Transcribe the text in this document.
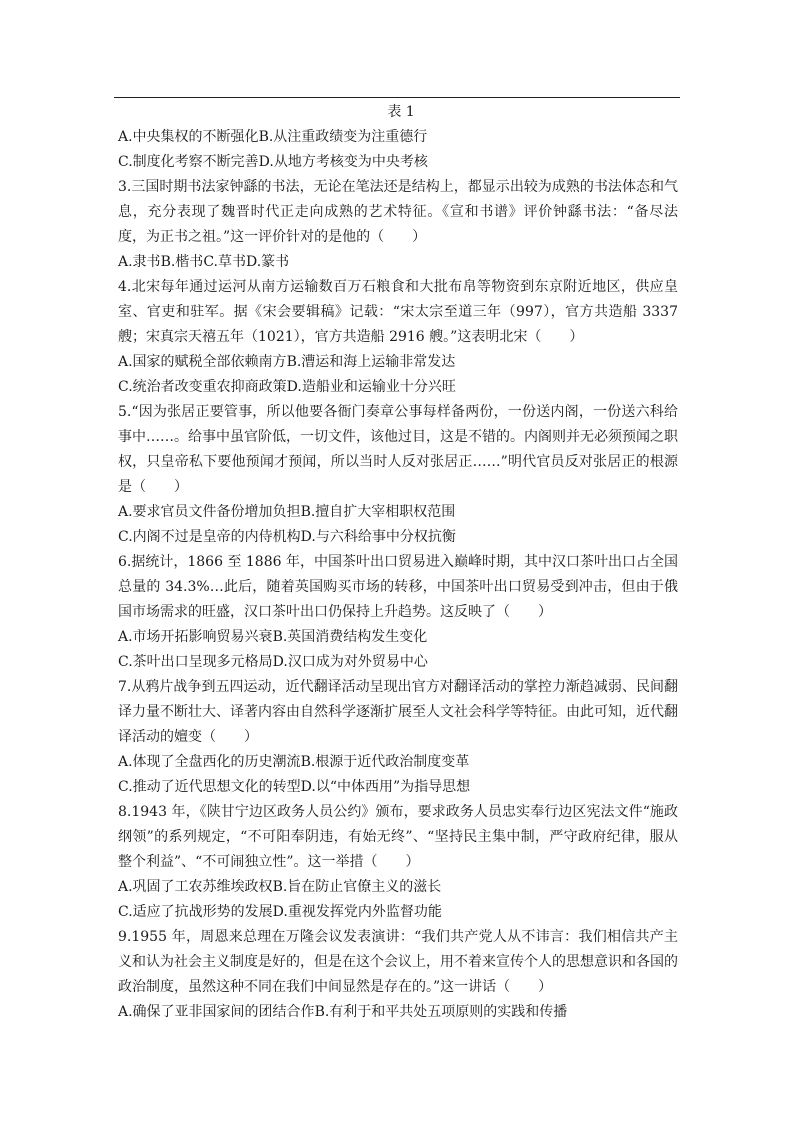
表 1
A.中央集权的不断强化B.从注重政绩变为注重德行
C.制度化考察不断完善D.从地方考核变为中央考核
3.三国时期书法家钟繇的书法，无论在笔法还是结构上，都显示出较为成熟的书法体态和气息，充分表现了魏晋时代正走向成熟的艺术特征。《宣和书谱》评价钟繇书法：“备尽法度，为正书之祖。”这一评价针对的是他的（　　）
A.隶书B.楷书C.草书D.篆书
4.北宋每年通过运河从南方运输数百万石粮食和大批布帛等物资到东京附近地区，供应皇室、官吏和驻军。据《宋会要辑稿》记载：“宋太宗至道三年（997），官方共造船 3337 艘；宋真宗天禧五年（1021），官方共造船 2916 艘。”这表明北宋（　　）
A.国家的赋税全部依赖南方B.漕运和海上运输非常发达
C.统治者改变重农抑商政策D.造船业和运输业十分兴旺
5.“因为张居正要管事，所以他要各衙门奏章公事每样备两份，一份送内阁，一份送六科给事中……。给事中虽官阶低，一切文件，该他过目，这是不错的。内阁则并无必须预闻之职权，只皇帝私下要他预闻才预闻，所以当时人反对张居正……”明代官员反对张居正的根源是（　　）
A.要求官员文件备份增加负担B.擅自扩大宰相职权范围
C.内阁不过是皇帝的内侍机构D.与六科给事中分权抗衡
6.据统计，1866 至 1886 年，中国茶叶出口贸易进入巅峰时期，其中汉口茶叶出口占全国总量的 34.3%…此后，随着英国购买市场的转移，中国茶叶出口贸易受到冲击，但由于俄国市场需求的旺盛，汉口茶叶出口仍保持上升趋势。这反映了（　　）
A.市场开拓影响贸易兴衰B.英国消费结构发生变化
C.茶叶出口呈现多元格局D.汉口成为对外贸易中心
7.从鸦片战争到五四运动，近代翻译活动呈现出官方对翻译活动的掌控力渐趋减弱、民间翻译力量不断壮大、译著内容由自然科学逐渐扩展至人文社会科学等特征。由此可知，近代翻译活动的嬗变（　　）
A.体现了全盘西化的历史潮流B.根源于近代政治制度变革
C.推动了近代思想文化的转型D.以“中体西用”为指导思想
8.1943 年，《陕甘宁边区政务人员公约》颁布，要求政务人员忠实奉行边区宪法文件“施政纲领”的系列规定，“不可阳奉阴违，有始无终”、“坚持民主集中制，严守政府纪律，服从整个利益”、“不可闹独立性”。这一举措（　　）
A.巩固了工农苏维埃政权B.旨在防止官僚主义的滋长
C.适应了抗战形势的发展D.重视发挥党内外监督功能
9.1955 年，周恩来总理在万隆会议发表演讲：“我们共产党人从不讳言：我们相信共产主义和认为社会主义制度是好的，但是在这个会议上，用不着来宣传个人的思想意识和各国的政治制度，虽然这种不同在我们中间显然是存在的。”这一讲话（　　）
A.确保了亚非国家间的团结合作B.有利于和平共处五项原则的实践和传播
